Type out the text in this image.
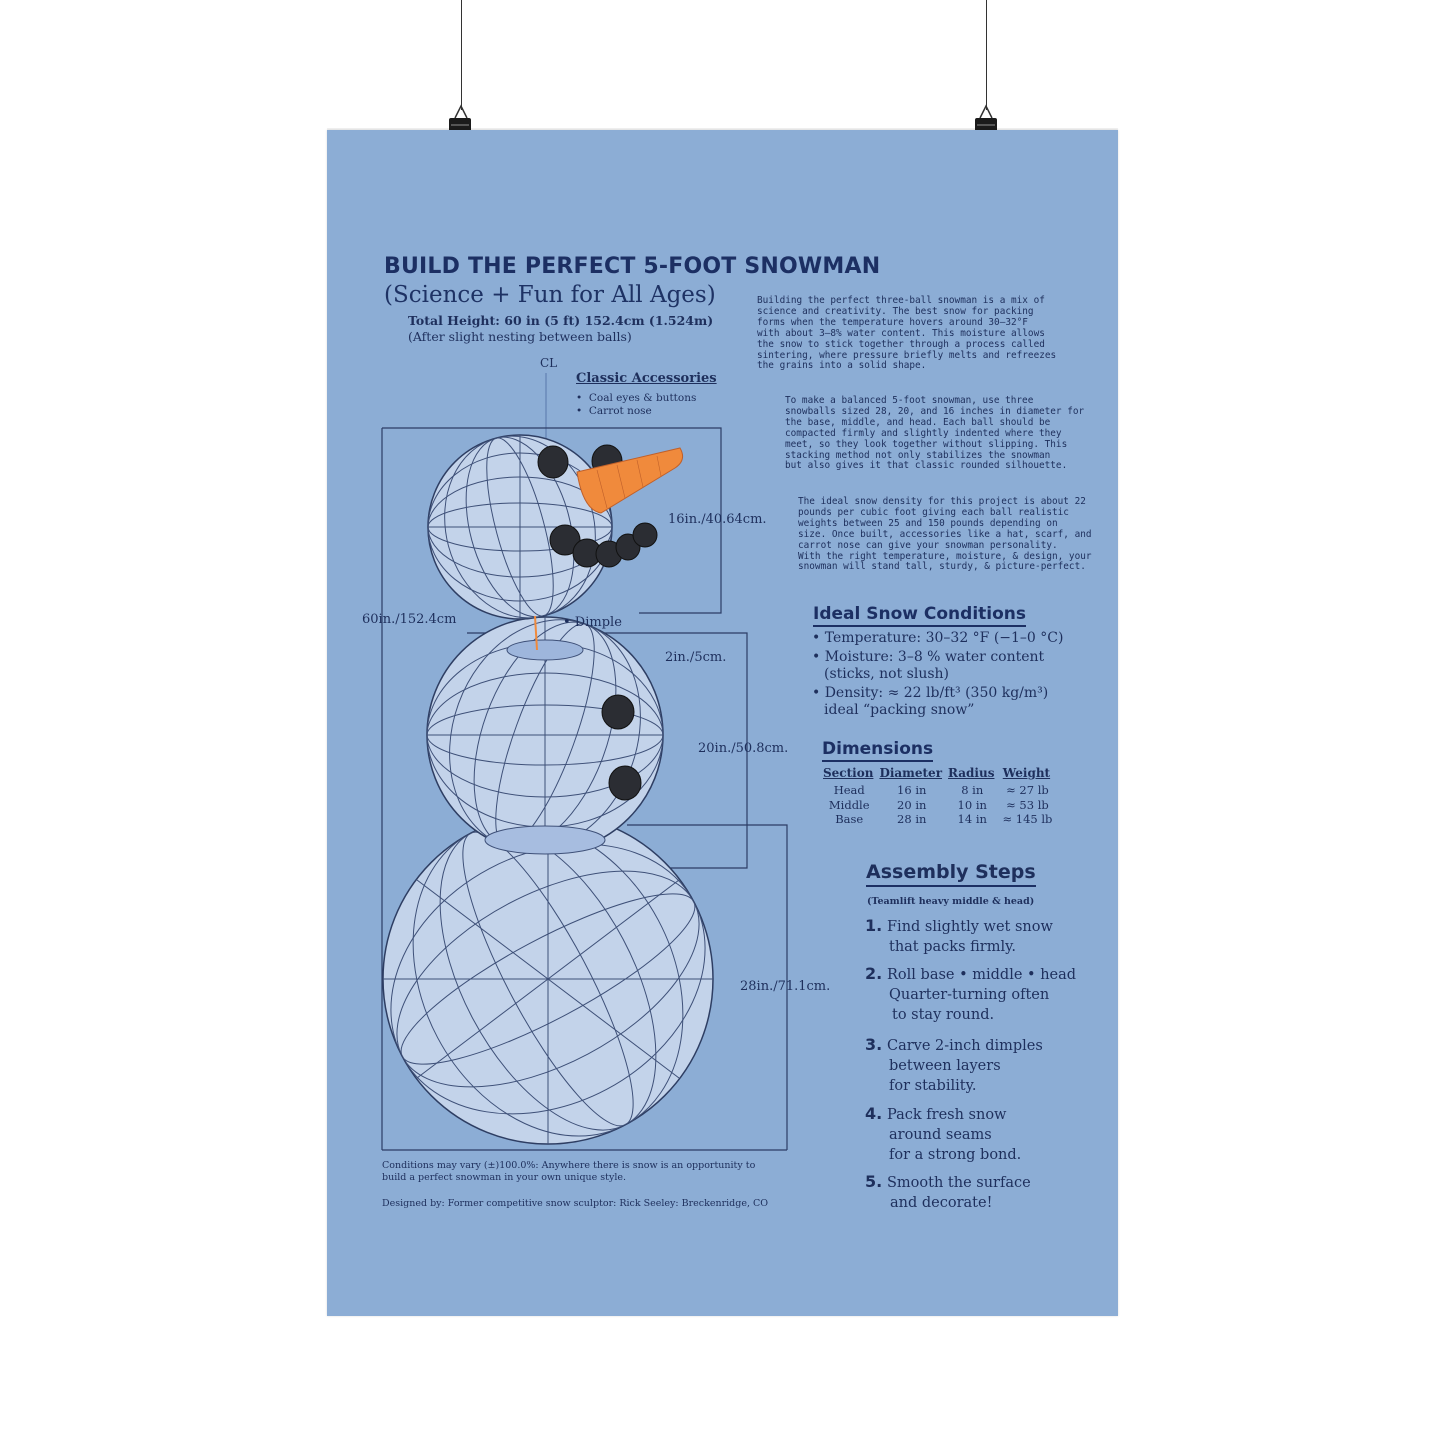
BUILD THE PERFECT 5-FOOT SNOWMAN
(Science + Fun for All Ages)
Total Height: 60 in (5 ft) 152.4cm (1.524m)
(After slight nesting between balls)
CL
Classic Accessories
•  Coal eyes & buttons
•  Carrot nose
16in./40.64cm.
60in./152.4cm	• Dimple
2in./5cm.
20in./50.8cm.
28in./71.1cm.
Building the perfect three-ball snowman is a mix of
science and creativity. The best snow for packing
forms when the temperature hovers around 30–32°F
with about 3–8% water content. This moisture allows
the snow to stick together through a process called
sintering, where pressure briefly melts and refreezes
the grains into a solid shape.
To make a balanced 5-foot snowman, use three
snowballs sized 28, 20, and 16 inches in diameter for
the base, middle, and head. Each ball should be
compacted firmly and slightly indented where they
meet, so they look together without slipping. This
stacking method not only stabilizes the snowman
but also gives it that classic rounded silhouette.
The ideal snow density for this project is about 22
pounds per cubic foot giving each ball realistic
weights between 25 and 150 pounds depending on
size. Once built, accessories like a hat, scarf, and
carrot nose can give your snowman personality.
With the right temperature, moisture, & design, your
snowman will stand tall, sturdy, & picture-perfect.
Ideal Snow Conditions
• Temperature: 30–32 °F (−1–0 °C)
• Moisture: 3–8 % water content
(sticks, not slush)
• Density: ≈ 22 lb/ft³ (350 kg/m³)
ideal “packing snow”
Dimensions
Section	Diameter	Radius	Weight
Head	16 in	8 in	≈ 27 lb
Middle	20 in	10 in	≈ 53 lb
Base	28 in	14 in	≈ 145 lb
Assembly Steps
(Teamlift heavy middle & head)
1. Find slightly wet snow
that packs firmly.
2. Roll base • middle • head
Quarter-turning often
to stay round.
3. Carve 2-inch dimples
between layers
for stability.
4. Pack fresh snow
around seams
for a strong bond.
5. Smooth the surface
and decorate!
Conditions may vary (±)100.0%: Anywhere there is snow is an opportunity to
build a perfect snowman in your own unique style.
Designed by: Former competitive snow sculptor: Rick Seeley: Breckenridge, CO
